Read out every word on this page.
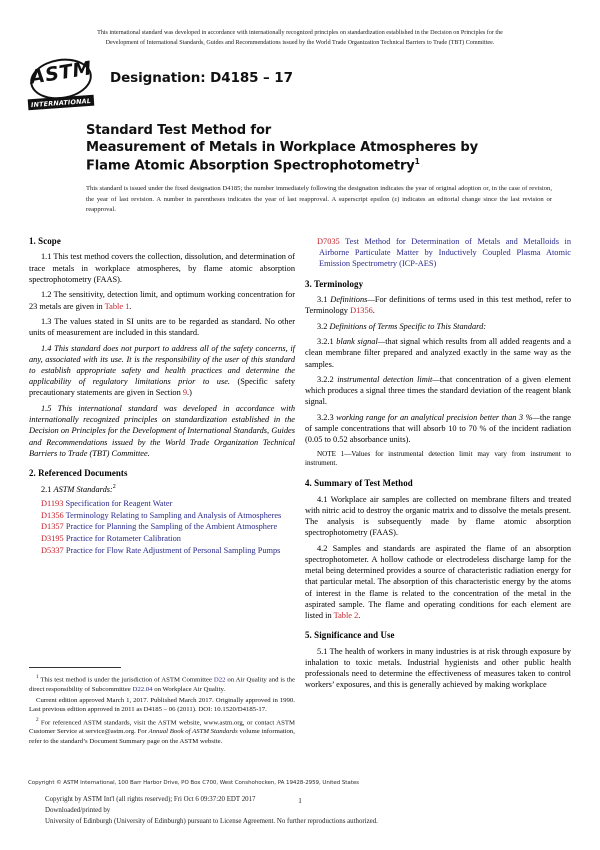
This international standard was developed in accordance with internationally recognized principles on standardization established in the Decision on Principles for the
Development of International Standards, Guides and Recommendations issued by the World Trade Organization Technical Barriers to Trade (TBT) Committee.
ASTM
INTERNATIONAL
Designation: D4185 – 17
Standard Test Method for
Measurement of Metals in Workplace Atmospheres by
Flame Atomic Absorption Spectrophotometry$^1$
This standard is issued under the fixed designation D4185; the number immediately following the designation indicates the year of original adoption or, in the case of revision, the year of last revision. A number in parentheses indicates the year of last reapproval. A superscript epsilon (ε) indicates an editorial change since the last revision or reapproval.
1. Scope

1.1 This test method covers the collection, dissolution, and determination of trace metals in workplace atmospheres, by flame atomic absorption spectrophotometry (FAAS).

1.2 The sensitivity, detection limit, and optimum working concentration for 23 metals are given in Table 1.

1.3 The values stated in SI units are to be regarded as standard. No other units of measurement are included in this standard.

1.4 This standard does not purport to address all of the safety concerns, if any, associated with its use. It is the responsibility of the user of this standard to establish appropriate safety and health practices and determine the applicability of regulatory limitations prior to use. (Specific safety precautionary statements are given in Section 9.)

1.5 This international standard was developed in accordance with internationally recognized principles on standardization established in the Decision on Principles for the Development of International Standards, Guides and Recommendations issued by the World Trade Organization Technical Barriers to Trade (TBT) Committee.

2. Referenced Documents

2.1 ASTM Standards:$^2$

D1193 Specification for Reagent Water

D1356 Terminology Relating to Sampling and Analysis of Atmospheres

D1357 Practice for Planning the Sampling of the Ambient Atmosphere

D3195 Practice for Rotameter Calibration

D5337 Practice for Flow Rate Adjustment of Personal Sampling Pumps

D7035 Test Method for Determination of Metals and Metalloids in Airborne Particulate Matter by Inductively Coupled Plasma Atomic Emission Spectrometry (ICP-AES)

3. Terminology

3.1 Definitions—For definitions of terms used in this test method, refer to Terminology D1356.

3.2 Definitions of Terms Specific to This Standard:

3.2.1 blank signal—that signal which results from all added reagents and a clean membrane filter prepared and analyzed exactly in the same way as the samples.

3.2.2 instrumental detection limit—that concentration of a given element which produces a signal three times the standard deviation of the reagent blank signal.

3.2.3 working range for an analytical precision better than 3 %—the range of sample concentrations that will absorb 10 to 70 % of the incident radiation (0.05 to 0.52 absorbance units).

NOTE 1—Values for instrumental detection limit may vary from instrument to instrument.

4. Summary of Test Method

4.1 Workplace air samples are collected on membrane filters and treated with nitric acid to destroy the organic matrix and to dissolve the metals present. The analysis is subsequently made by flame atomic absorption spectrophotometry (FAAS).

4.2 Samples and standards are aspirated the flame of an absorption spectrophotometer. A hollow cathode or electrodeless discharge lamp for the metal being determined provides a source of characteristic radiation energy for that particular metal. The absorption of this characteristic energy by the atoms of interest in the flame is related to the concentration of the metal in the aspirated sample. The flame and operating conditions for each element are listed in Table 2.

5. Significance and Use

5.1 The health of workers in many industries is at risk through exposure by inhalation to toxic metals. Industrial hygienists and other public health professionals need to determine the effectiveness of measures taken to control workers’ exposures, and this is generally achieved by making workplace

$^1$ This test method is under the jurisdiction of ASTM Committee D22 on Air Quality and is the direct responsibility of Subcommittee D22.04 on Workplace Air Quality.

Current edition approved March 1, 2017. Published March 2017. Originally approved in 1990. Last previous edition approved in 2011 as D4185 – 06 (2011). DOI: 10.1520/D4185-17.

$^2$ For referenced ASTM standards, visit the ASTM website, www.astm.org, or contact ASTM Customer Service at service@astm.org. For Annual Book of ASTM Standards volume information, refer to the standard’s Document Summary page on the ASTM website.

Copyright © ASTM International, 100 Barr Harbor Drive, PO Box C700, West Conshohocken, PA 19428-2959, United States
Copyright by ASTM Int'l (all rights reserved); Fri Oct 6 09:37:20 EDT 2017
Downloaded/printed by
University of Edinburgh (University of Edinburgh) pursuant to License Agreement. No further reproductions authorized.
1
